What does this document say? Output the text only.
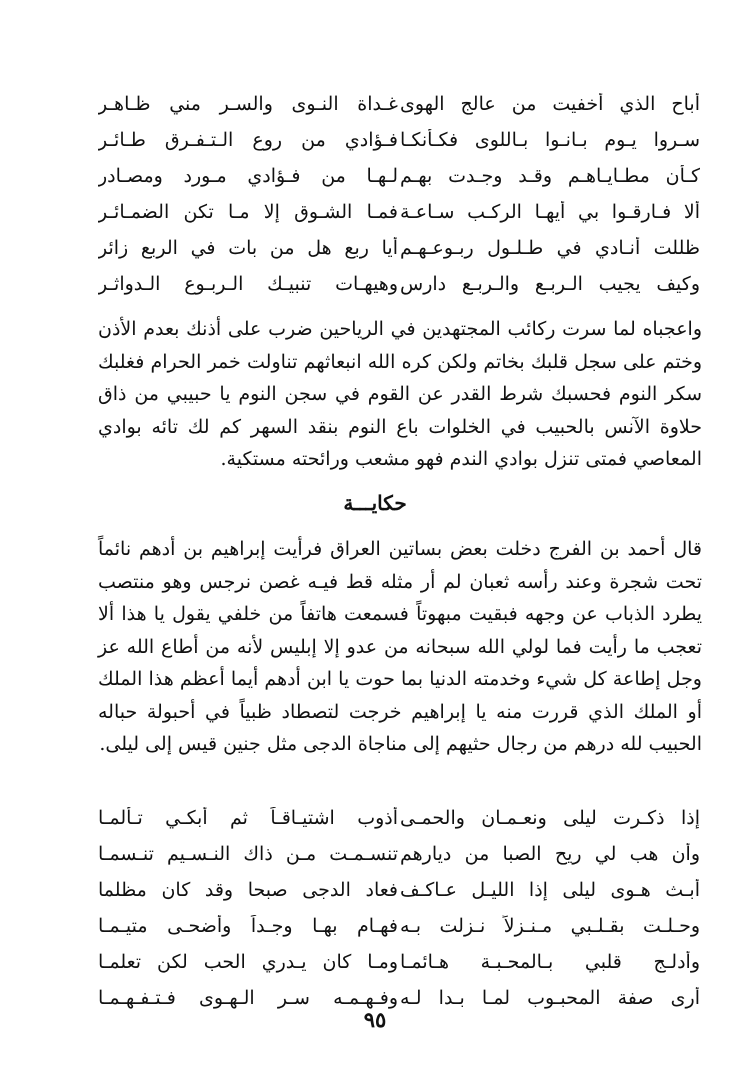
أباح الذي أخفيت من عالج الهوى
غـداة النـوى والسـر مني ظـاهـر
سـروا يـوم بـانـوا بـاللوى فكـأنكـا
فـؤادي من روع الـتـفـرق طـائـر
كـأن مطـايـاهـم وقـد وجـدت بهـم
لـهـا من فـؤادي مـورد ومصـادر
ألا فـارقـوا بي أيهـا الركـب سـاعـة
فمـا الشـوق إلا مـا تكن الضمـائـر
ظللت أنـادي في طـلـول ربـوعـهـم
أيا ربع هل من بات في الربع زائر
وكيف يجيب الـربـع والـربـع دارس
وهيهـات تنبيـك الـربـوع الـدواثـر
واعجباه لما سرت ركائب المجتهدين في الرياحين ضرب على أذنك بعدم الأذن وختم على سجل قلبك بخاتم ولكن كره الله انبعاثهم تناولت خمر الحرام فغلبك سكر النوم فحسبك شرط القدر عن القوم في سجن النوم يا حبيبي من ذاق حلاوة الآنس بالحبيب في الخلوات باع النوم بنقد السهر كم لك تائه بوادي المعاصي فمتى تنزل بوادي الندم فهو مشعب ورائحته مستكية.
حكايـــة
قال أحمد بن الفرج دخلت بعض بساتين العراق فرأيت إبراهيم بن أدهم نائماً تحت شجرة وعند رأسه ثعبان لم أر مثله قط فيـه غصن نرجس وهو منتصب يطرد الذباب عن وجهه فبقيت مبهوتاً فسمعت هاتفاً من خلفي يقول يا هذا ألا تعجب ما رأيت فما لولي الله سبحانه من عدو إلا إبليس لأنه من أطاع الله عز وجل إطاعة كل شيء وخدمته الدنيا بما حوت يا ابن أدهم أيما أعظم هذا الملك أو الملك الذي قررت منه يا إبراهيم خرجت لتصطاد ظبياً في أحبولة حباله الحبيب لله درهم من رجال حثيهم إلى مناجاة الدجى مثل جنين قيس إلى ليلى.
إذا ذكـرت ليلى ونعـمـان والحمـى
أذوب اشتيـاقـاً ثم أبكـي تـألمـا
وأن هب لي ريح الصبا من ديارهم
تنسـمـت مـن ذاك النـسـيم تنـسمـا
أبـث هـوى ليلى إذا الليـل عـاكـف
فعاد الدجى صبحا وقد كان مظلما
وحـلـت بقـلـبي مـنـزلاً نـزلت بـه
فهـام بهـا وجـداً وأضحـى متيـمـا
وأدلـج قلبي بـالمحـبـة هـائمـا
ومـا كان يـدري الحب لكن تعلمـا
أرى صفة المحبـوب لمـا بـدا لـه
وفـهـمـه سـر الـهـوى فـتـفـهـمـا
٩٥
